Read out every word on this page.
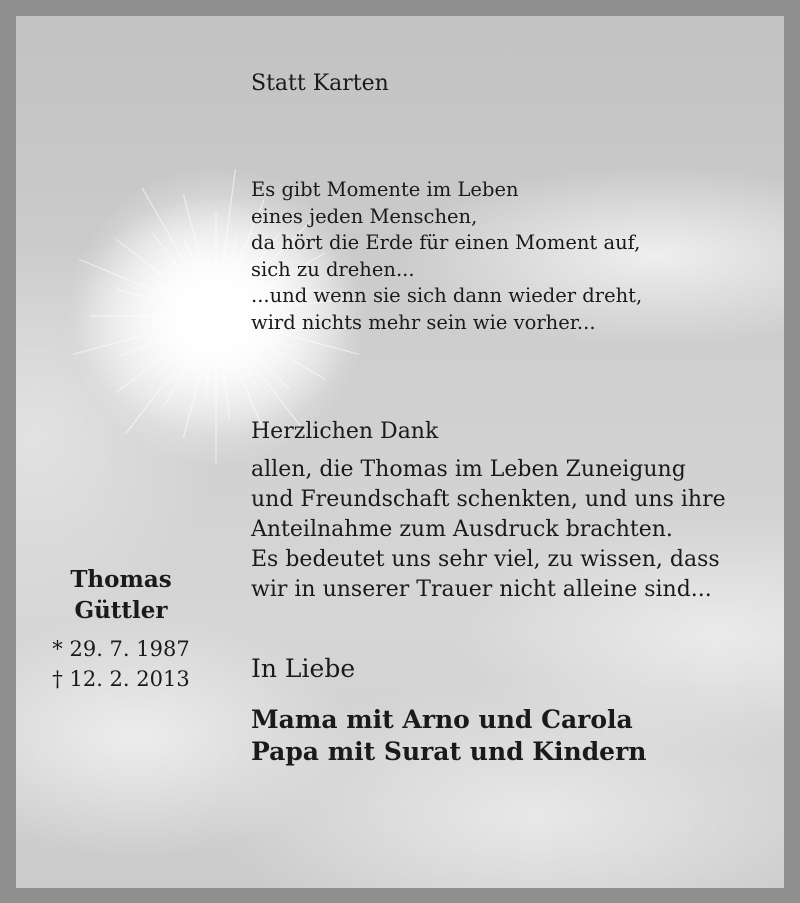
Statt Karten
Es gibt Momente im Leben
eines jeden Menschen,
da hört die Erde für einen Moment auf,
sich zu drehen...
...und wenn sie sich dann wieder dreht,
wird nichts mehr sein wie vorher...
Herzlichen Dank
allen, die Thomas im Leben Zuneigung
und Freundschaft schenkten, und uns ihre
Anteilnahme zum Ausdruck brachten.
Es bedeutet uns sehr viel, zu wissen, dass
wir in unserer Trauer nicht alleine sind...
Thomas
Güttler
* 29. 7. 1987
† 12. 2. 2013	In Liebe
Mama mit Arno und Carola
Papa mit Surat und Kindern
